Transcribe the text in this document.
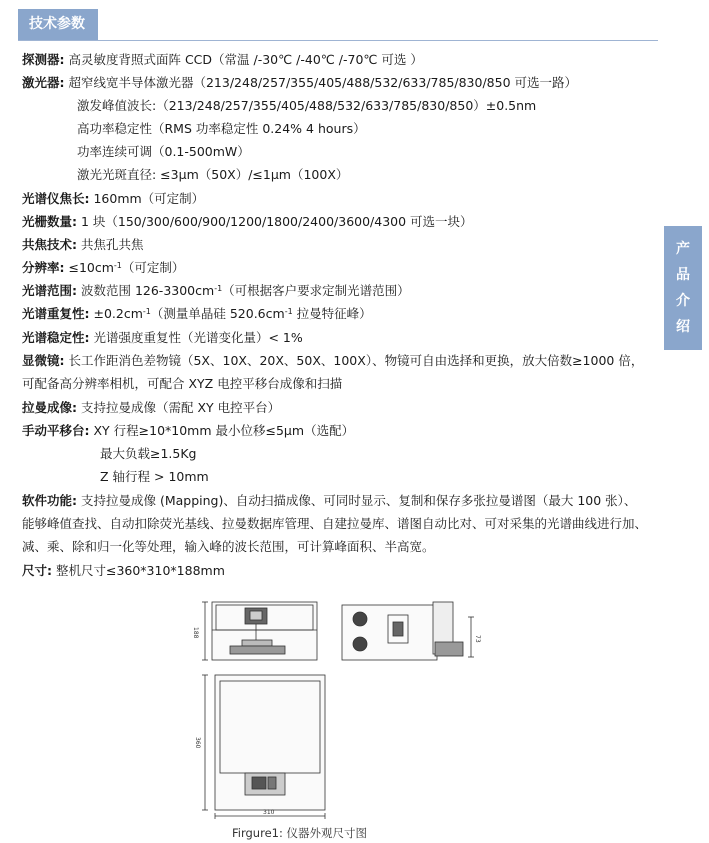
技术参数
产
品
介
绍
探测器: 高灵敏度背照式面阵 CCD（常温 /-30℃ /-40℃ /-70℃ 可选 ）
激光器: 超窄线宽半导体激光器（213/248/257/355/405/488/532/633/785/830/850 可选一路）
激发峰值波长:（213/248/257/355/405/488/532/633/785/830/850）±0.5nm
高功率稳定性（RMS 功率稳定性 0.24% 4 hours）
功率连续可调（0.1-500mW）
激光光斑直径: ≤3μm（50X）/≤1μm（100X）
光谱仪焦长: 160mm（可定制）
光栅数量: 1 块（150/300/600/900/1200/1800/2400/3600/4300 可选一块）
共焦技术: 共焦孔共焦
分辨率: $\le 10cm^{-1}$（可定制）
光谱范围: 波数范围 $126-3300cm^{-1}$（可根据客户要求定制光谱范围）
光谱重复性: $\pm 0.2cm^{-1}$（测量单晶硅 $520.6cm^{-1}$ 拉曼特征峰）
光谱稳定性: 光谱强度重复性（光谱变化量）< 1%
显微镜: 长工作距消色差物镜（5X、10X、20X、50X、100X）、物镜可自由选择和更换，放大倍数≥1000 倍，
可配备高分辨率相机，可配合 XYZ 电控平移台成像和扫描
拉曼成像: 支持拉曼成像（需配 XY 电控平台）
手动平移台: XY 行程≥10*10mm 最小位移≤5μm（选配）
最大负载≥1.5Kg
Z 轴行程 > 10mm
软件功能: 支持拉曼成像 (Mapping)、自动扫描成像、可同时显示、复制和保存多张拉曼谱图（最大 100 张）、
能够峰值查找、自动扣除荧光基线、拉曼数据库管理、自建拉曼库、谱图自动比对、可对采集的光谱曲线进行加、
减、乘、除和归一化等处理，输入峰的波长范围，可计算峰面积、半高宽。
尺寸: 整机尺寸≤360*310*188mm
188
73
360
310
Firgure1: 仪器外观尺寸图
